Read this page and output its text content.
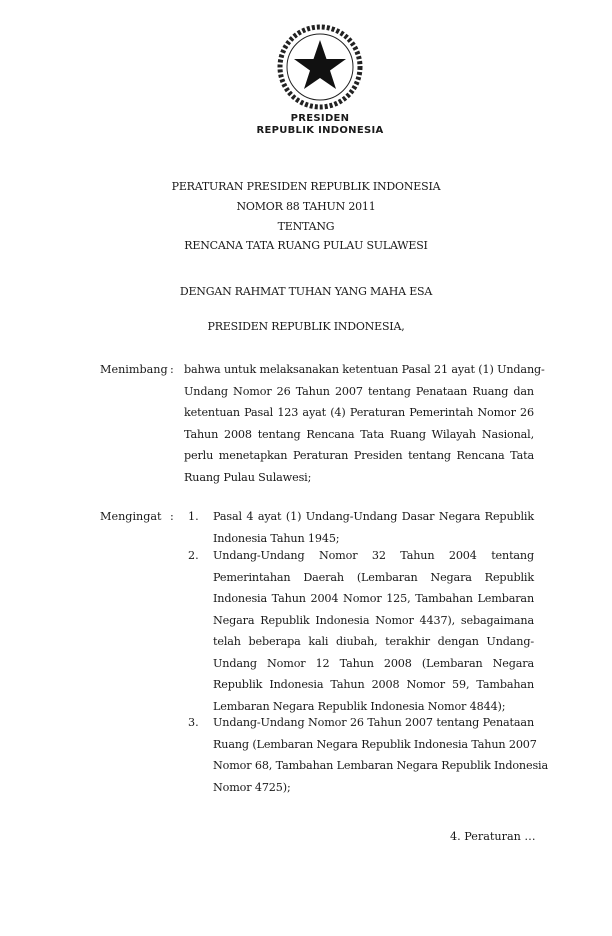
PRESIDEN
REPUBLIK INDONESIA
PERATURAN PRESIDEN REPUBLIK INDONESIA
NOMOR 88 TAHUN 2011
TENTANG
RENCANA TATA RUANG PULAU SULAWESI
DENGAN RAHMAT TUHAN YANG MAHA ESA
PRESIDEN REPUBLIK INDONESIA,
Menimbang : bahwa untuk melaksanakan ketentuan Pasal 21 ayat (1) Undang-
Undang Nomor 26 Tahun 2007 tentang Penataan Ruang dan
ketentuan Pasal 123 ayat (4) Peraturan Pemerintah Nomor 26
Tahun 2008 tentang Rencana Tata Ruang Wilayah Nasional,
perlu menetapkan Peraturan Presiden tentang Rencana Tata
Ruang Pulau Sulawesi;
Mengingat : 1. Pasal 4 ayat (1) Undang-Undang Dasar Negara Republik
Indonesia Tahun 1945;
2. Undang-Undang Nomor 32 Tahun 2004 tentang
Pemerintahan Daerah (Lembaran Negara Republik
Indonesia Tahun 2004 Nomor 125, Tambahan Lembaran
Negara Republik Indonesia Nomor 4437), sebagaimana
telah beberapa kali diubah, terakhir dengan Undang-
Undang Nomor 12 Tahun 2008 (Lembaran Negara
Republik Indonesia Tahun 2008 Nomor 59, Tambahan
Lembaran Negara Republik Indonesia Nomor 4844);
3. Undang-Undang Nomor 26 Tahun 2007 tentang Penataan
Ruang (Lembaran Negara Republik Indonesia Tahun 2007
Nomor 68, Tambahan Lembaran Negara Republik Indonesia
Nomor 4725);
4. Peraturan …
